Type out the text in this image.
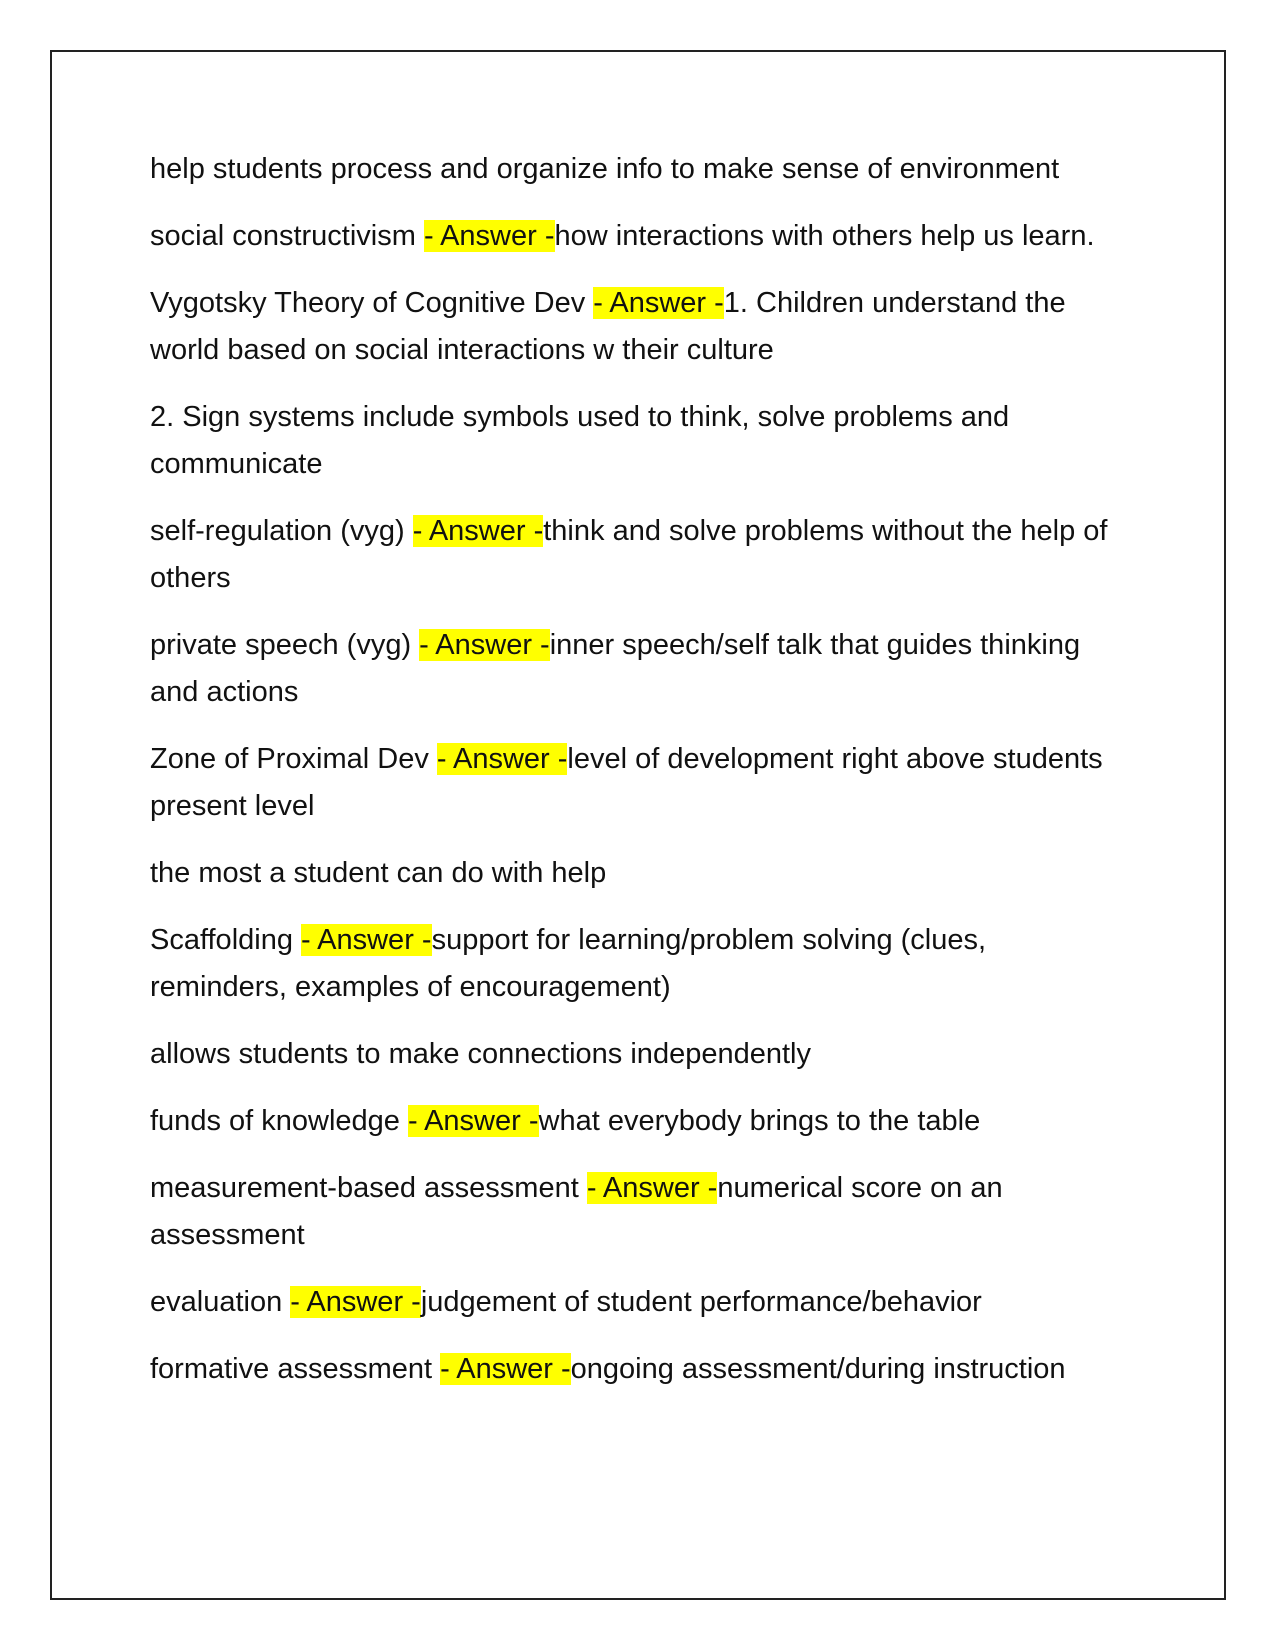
help students process and organize info to make sense of environment

social constructivism - Answer -how interactions with others help us learn.

Vygotsky Theory of Cognitive Dev - Answer -1. Children understand the world based on social interactions w their culture

2. Sign systems include symbols used to think, solve problems and communicate

self-regulation (vyg) - Answer -think and solve problems without the help of others

private speech (vyg) - Answer -inner speech/self talk that guides thinking and actions

Zone of Proximal Dev - Answer -level of development right above students present level

the most a student can do with help

Scaffolding - Answer -support for learning/problem solving (clues, reminders, examples of encouragement)

allows students to make connections independently

funds of knowledge - Answer -what everybody brings to the table

measurement-based assessment - Answer -numerical score on an assessment

evaluation - Answer -judgement of student performance/behavior

formative assessment - Answer -ongoing assessment/during instruction
